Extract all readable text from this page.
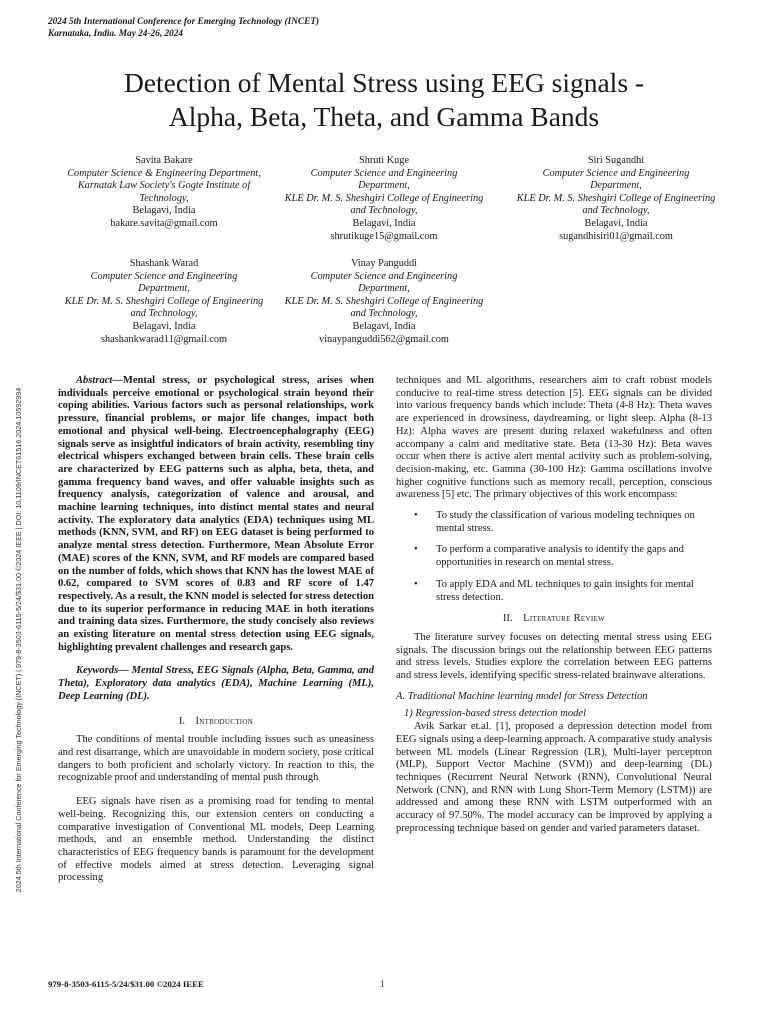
2024 5th International Conference for Emerging Technology (INCET)
Karnataka, India. May 24-26, 2024
Detection of Mental Stress using EEG signals -
Alpha, Beta, Theta, and Gamma Bands
Savita Bakare
Computer Science & Engineering Department,
Karnatak Law Society's Gogte Institute of Technology,
Belagavi, India
bakare.savita@gmail.com
Shruti Kuge
Computer Science and Engineering Department,
KLE Dr. M. S. Sheshgiri College of Engineering and Technology,
Belagavi, India
shrutikuge15@gmail.com
Siri Sugandhi
Computer Science and Engineering Department,
KLE Dr. M. S. Sheshgiri College of Engineering and Technology,
Belagavi, India
sugandhisiri01@gmail.com
Shashank Warad
Computer Science and Engineering Department,
KLE Dr. M. S. Sheshgiri College of Engineering and Technology,
Belagavi, India
shashankwarad11@gmail.com
Vinay Panguddi
Computer Science and Engineering Department,
KLE Dr. M. S. Sheshgiri College of Engineering and Technology,
Belagavi, India
vinaypanguddi562@gmail.com
2024 5th International Conference for Emerging Technology (INCET) | 979-8-3503-6115-5/24/$31.00 ©2024 IEEE | DOI: 10.1109/INCET61516.2024.10592994

Abstract—Mental stress, or psychological stress, arises when individuals perceive emotional or psychological strain beyond their coping abilities. Various factors such as personal relationships, work pressure, financial problems, or major life changes, impact both emotional and physical well-being. Electroencephalography (EEG) signals serve as insightful indicators of brain activity, resembling tiny electrical whispers exchanged between brain cells. These brain cells are characterized by EEG patterns such as alpha, beta, theta, and gamma frequency band waves, and offer valuable insights such as frequency analysis, categorization of valence and arousal, and machine learning techniques, into distinct mental states and neural activity. The exploratory data analytics (EDA) techniques using ML methods (KNN, SVM, and RF) on EEG dataset is being performed to analyze mental stress detection. Furthermore, Mean Absolute Error (MAE) scores of the KNN, SVM, and RF models are compared based on the number of folds, which shows that KNN has the lowest MAE of 0.62, compared to SVM scores of 0.83 and RF score of 1.47 respectively. As a result, the KNN model is selected for stress detection due to its superior performance in reducing MAE in both iterations and training data sizes. Furthermore, the study concisely also reviews an existing literature on mental stress detection using EEG signals, highlighting prevalent challenges and research gaps.

Keywords— Mental Stress, EEG Signals (Alpha, Beta, Gamma, and Theta), Exploratory data analytics (EDA), Machine Learning (ML), Deep Learning (DL).

I. Introduction

The conditions of mental trouble including issues such as uneasiness and rest disarrange, which are unavoidable in modern society, pose critical dangers to both proficient and scholarly victory. In reaction to this, the recognizable proof and understanding of mental push through

EEG signals have risen as a promising road for tending to mental well-being. Recognizing this, our extension centers on conducting a comparative investigation of Conventional ML models, Deep Learning methods, and an ensemble method. Understanding the distinct characteristics of EEG frequency bands is paramount for the development of effective models aimed at stress detection. Leveraging signal processing

techniques and ML algorithms, researchers aim to craft robust models conducive to real-time stress detection [5]. EEG signals can be divided into various frequency bands which include: Theta (4-8 Hz): Theta waves are experienced in drowsiness, daydreaming, or light sleep. Alpha (8-13 Hz): Alpha waves are present during relaxed wakefulness and often accompany a calm and meditative state. Beta (13-30 Hz): Beta waves occur when there is active alert mental activity such as problem-solving, decision-making, etc. Gamma (30-100 Hz): Gamma oscillations involve higher cognitive functions such as memory recall, perception, conscious awareness [5] etc. The primary objectives of this work encompass:

• To study the classification of various modeling techniques on mental stress.
• To perform a comparative analysis to identify the gaps and opportunities in research on mental stress.
• To apply EDA and ML techniques to gain insights for mental stress detection.
II. Literature Review

The literature survey focuses on detecting mental stress using EEG signals. The discussion brings out the relationship between EEG patterns and stress levels. Studies explore the correlation between EEG patterns and stress levels, identifying specific stress-related brainwave alterations.

A. Traditional Machine learning model for Stress Detection
1) Regression-based stress detection model

Avik Sarkar et.al. [1], proposed a depression detection model from EEG signals using a deep-learning approach. A comparative study analysis between ML models (Linear Regression (LR), Multi-layer perceptron (MLP), Support Vector Machine (SVM)) and deep-learning (DL) techniques (Recurrent Neural Network (RNN), Convolutional Neural Network (CNN), and RNN with Long Short-Term Memory (LSTM)) are addressed and among these RNN with LSTM outperformed with an accuracy of 97.50%. The model accuracy can be improved by applying a preprocessing technique based on gender and varied parameters dataset.

979-8-3503-6115-5/24/$31.00 ©2024 IEEE	1
